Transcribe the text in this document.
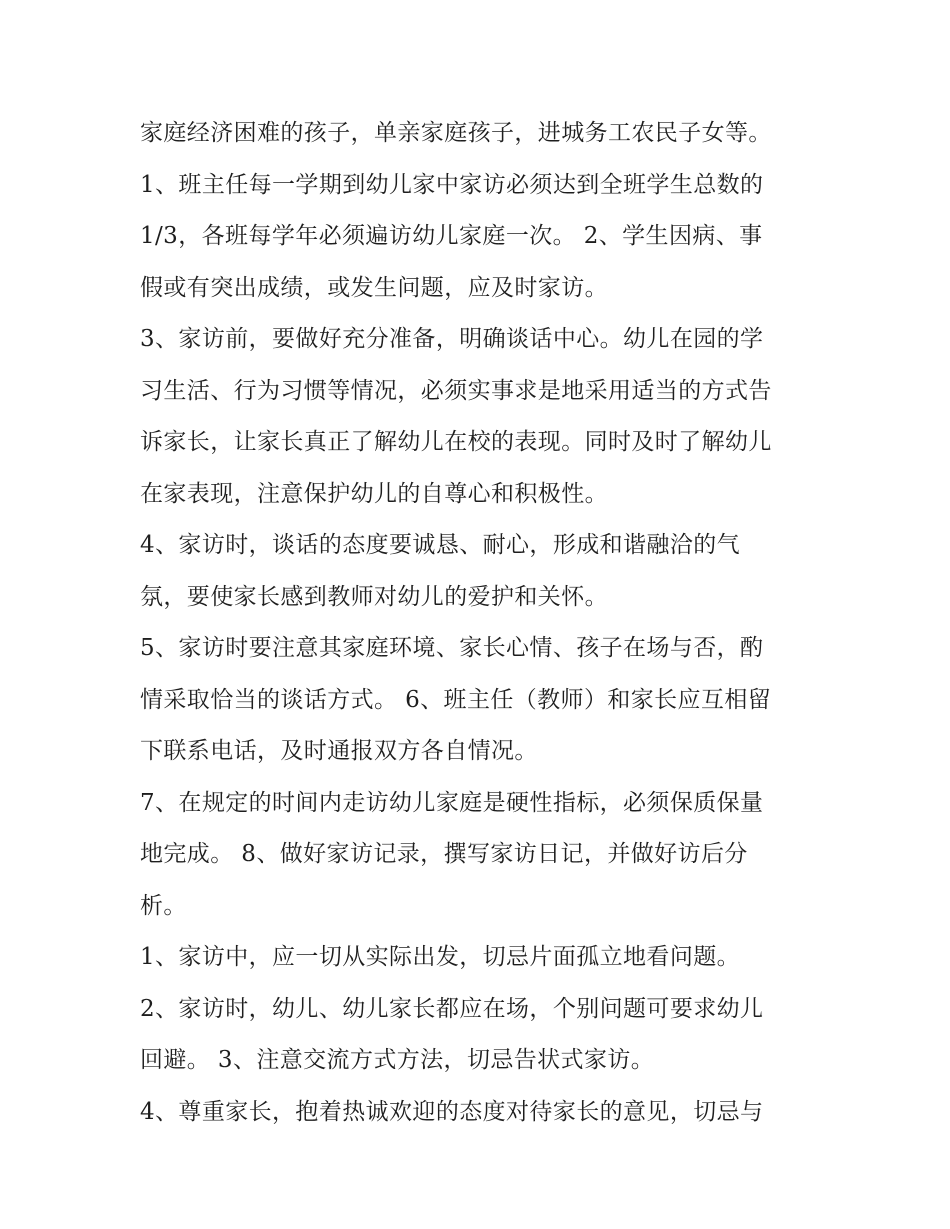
家庭经济困难的孩子，单亲家庭孩子，进城务工农民子女等。
1、班主任每一学期到幼儿家中家访必须达到全班学生总数的
1/3，各班每学年必须遍访幼儿家庭一次。 2、学生因病、事
假或有突出成绩，或发生问题，应及时家访。
3、家访前，要做好充分准备，明确谈话中心。幼儿在园的学
习生活、行为习惯等情况，必须实事求是地采用适当的方式告
诉家长，让家长真正了解幼儿在校的表现。同时及时了解幼儿
在家表现，注意保护幼儿的自尊心和积极性。
4、家访时，谈话的态度要诚恳、耐心，形成和谐融洽的气
氛，要使家长感到教师对幼儿的爱护和关怀。
5、家访时要注意其家庭环境、家长心情、孩子在场与否，酌
情采取恰当的谈话方式。 6、班主任（教师）和家长应互相留
下联系电话，及时通报双方各自情况。
7、在规定的时间内走访幼儿家庭是硬性指标，必须保质保量
地完成。 8、做好家访记录，撰写家访日记，并做好访后分
析。
1、家访中，应一切从实际出发，切忌片面孤立地看问题。
2、家访时，幼儿、幼儿家长都应在场，个别问题可要求幼儿
回避。 3、注意交流方式方法，切忌告状式家访。
4、尊重家长，抱着热诚欢迎的态度对待家长的意见，切忌与
